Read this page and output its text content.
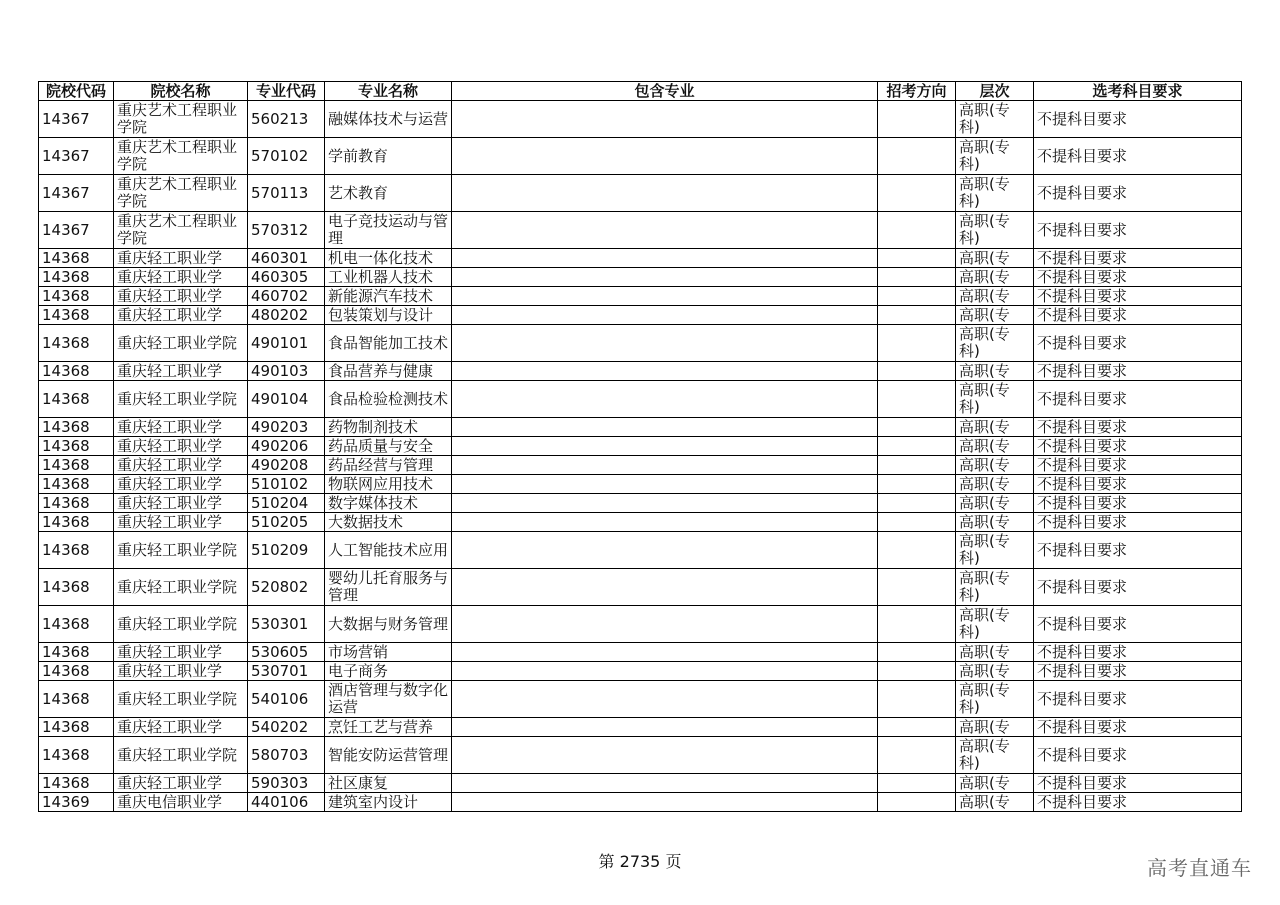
院校代码	院校名称	专业代码	专业名称	包含专业	招考方向	层次	选考科目要求

14367	重庆艺术工程职业学院	560213	融媒体技术与运营			高职(专科)	不提科目要求

14367	重庆艺术工程职业学院	570102	学前教育			高职(专科)	不提科目要求

14367	重庆艺术工程职业学院	570113	艺术教育			高职(专科)	不提科目要求

14367	重庆艺术工程职业学院	570312	电子竞技运动与管理			高职(专科)	不提科目要求

14368	重庆轻工职业学	460301	机电一体化技术			高职(专	不提科目要求

14368	重庆轻工职业学	460305	工业机器人技术			高职(专	不提科目要求

14368	重庆轻工职业学	460702	新能源汽车技术			高职(专	不提科目要求

14368	重庆轻工职业学	480202	包装策划与设计			高职(专	不提科目要求

14368	重庆轻工职业学院	490101	食品智能加工技术			高职(专科)	不提科目要求

14368	重庆轻工职业学	490103	食品营养与健康			高职(专	不提科目要求

14368	重庆轻工职业学院	490104	食品检验检测技术			高职(专科)	不提科目要求

14368	重庆轻工职业学	490203	药物制剂技术			高职(专	不提科目要求

14368	重庆轻工职业学	490206	药品质量与安全			高职(专	不提科目要求

14368	重庆轻工职业学	490208	药品经营与管理			高职(专	不提科目要求

14368	重庆轻工职业学	510102	物联网应用技术			高职(专	不提科目要求

14368	重庆轻工职业学	510204	数字媒体技术			高职(专	不提科目要求

14368	重庆轻工职业学	510205	大数据技术			高职(专	不提科目要求

14368	重庆轻工职业学院	510209	人工智能技术应用			高职(专科)	不提科目要求

14368	重庆轻工职业学院	520802	婴幼儿托育服务与管理			高职(专科)	不提科目要求

14368	重庆轻工职业学院	530301	大数据与财务管理			高职(专科)	不提科目要求

14368	重庆轻工职业学	530605	市场营销			高职(专	不提科目要求

14368	重庆轻工职业学	530701	电子商务			高职(专	不提科目要求

14368	重庆轻工职业学院	540106	酒店管理与数字化运营			高职(专科)	不提科目要求

14368	重庆轻工职业学	540202	烹饪工艺与营养			高职(专	不提科目要求

14368	重庆轻工职业学院	580703	智能安防运营管理			高职(专科)	不提科目要求

14368	重庆轻工职业学	590303	社区康复			高职(专	不提科目要求

14369	重庆电信职业学	440106	建筑室内设计			高职(专	不提科目要求
第 2735 页	高考直通车
